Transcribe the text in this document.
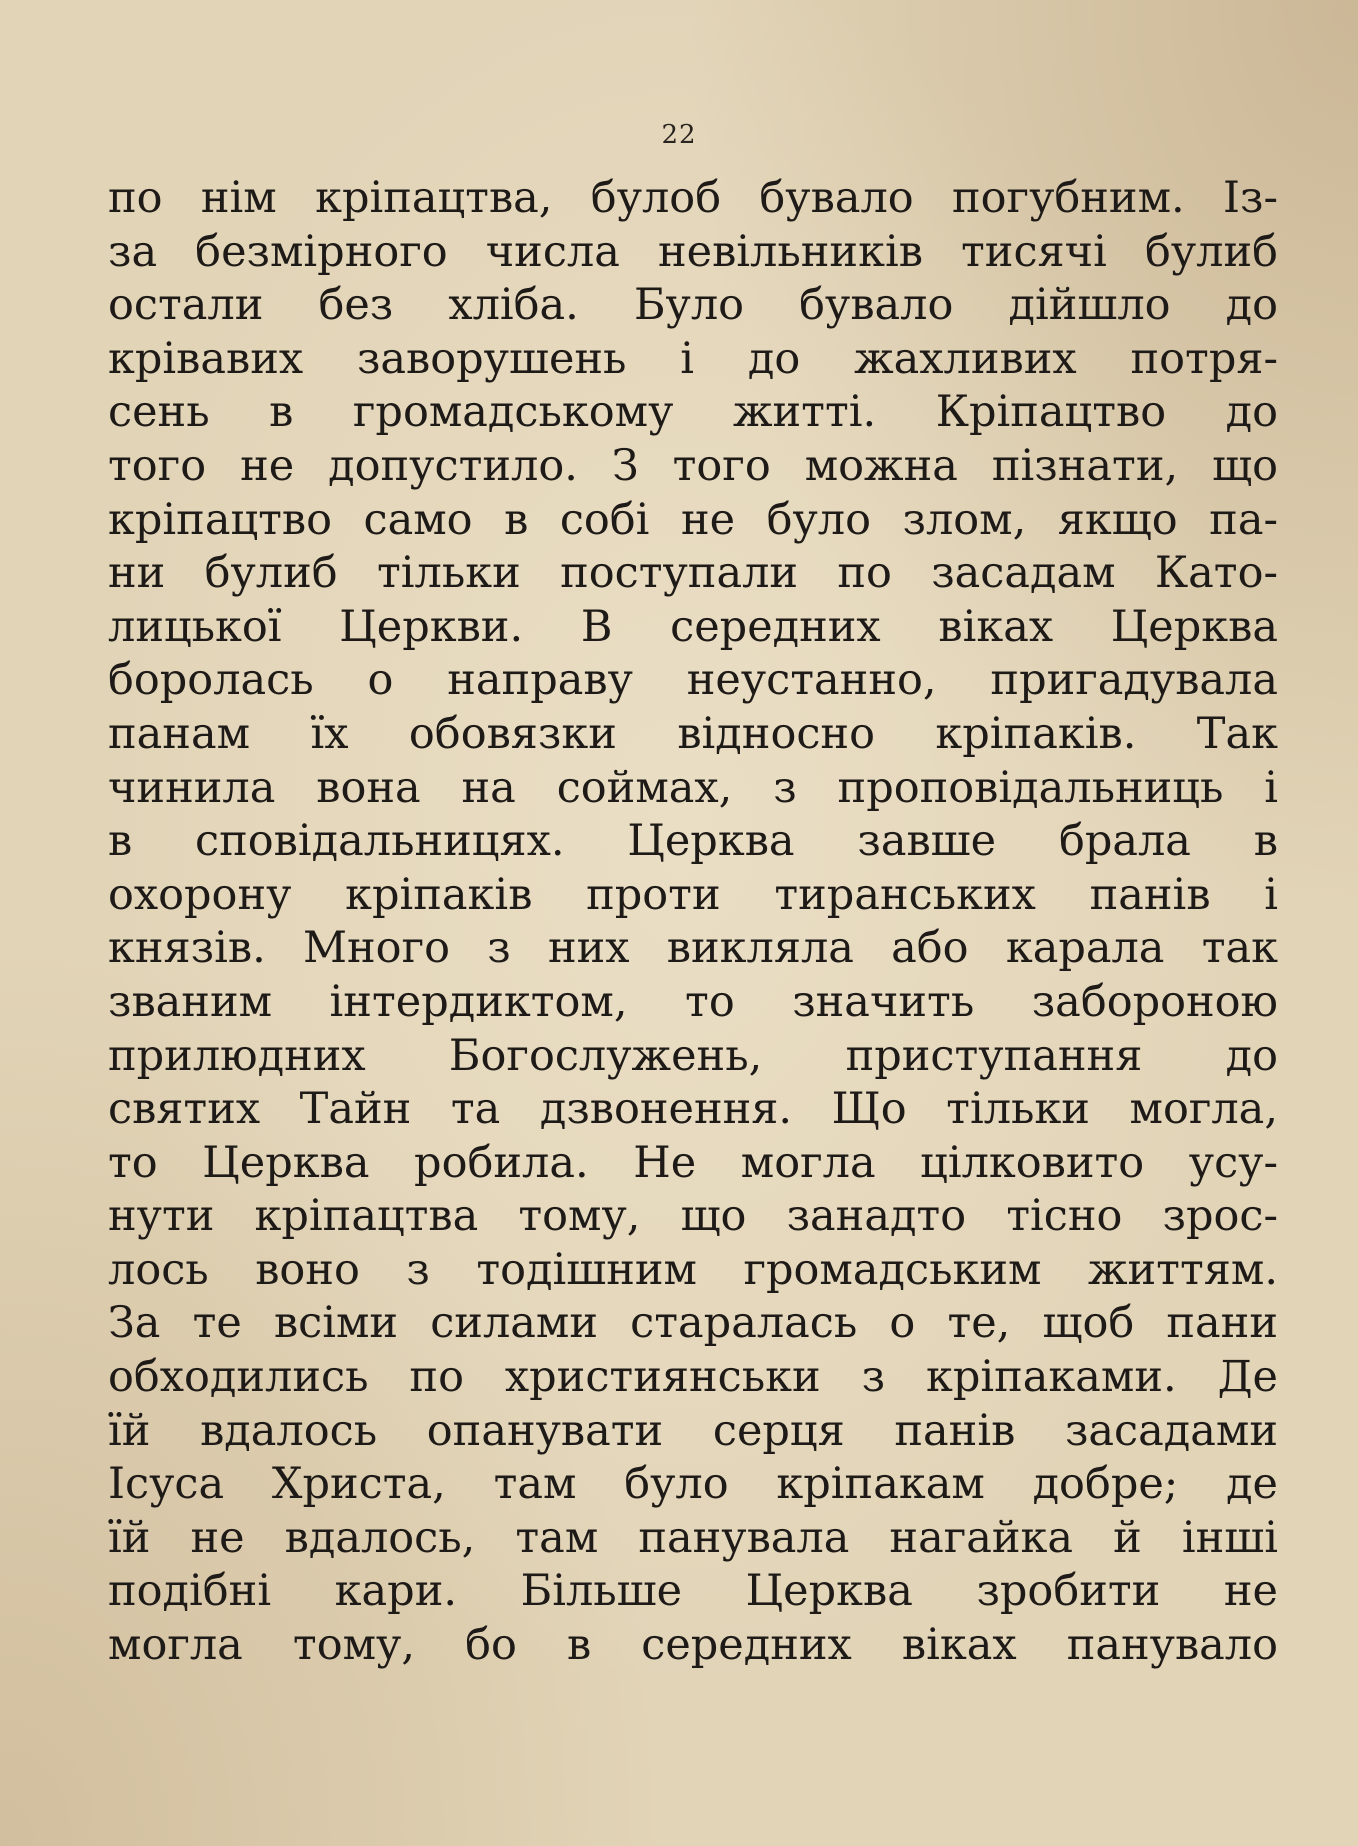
22
по нім кріпацтва, булоб бувало погубним. Із-
за безмірного числа невільників тисячі булиб
остали без хліба. Було бувало дійшло до
крівавих заворушень і до жахливих потря-
сень в громадському житті. Кріпацтво до
того не допустило. З того можна пізнати, що
кріпацтво само в собі не було злом, якщо па-
ни булиб тільки поступали по засадам Като-
лицької Церкви. В середних віках Церква
боролась о направу неустанно, пригадувала
панам їх обовязки відносно кріпаків. Так
чинила вона на соймах, з проповідальниць і
в сповідальницях. Церква завше брала в
охорону кріпаків проти тиранських панів і
князів. Много з них викляла або карала так
званим інтердиктом, то значить забороною
прилюдних Богослужень, приступання до
святих Тайн та дзвонення. Що тільки могла,
то Церква робила. Не могла цілковито усу-
нути кріпацтва тому, що занадто тісно зрос-
лось воно з тодішним громадським життям.
За те всіми силами старалась о те, щоб пани
обходились по християнськи з кріпаками. Де
їй вдалось опанувати серця панів засадами
Ісуса Христа, там було кріпакам добре; де
їй не вдалось, там панувала нагайка й інші
подібні кари. Більше Церква зробити не
могла тому, бо в середних віках панувало
